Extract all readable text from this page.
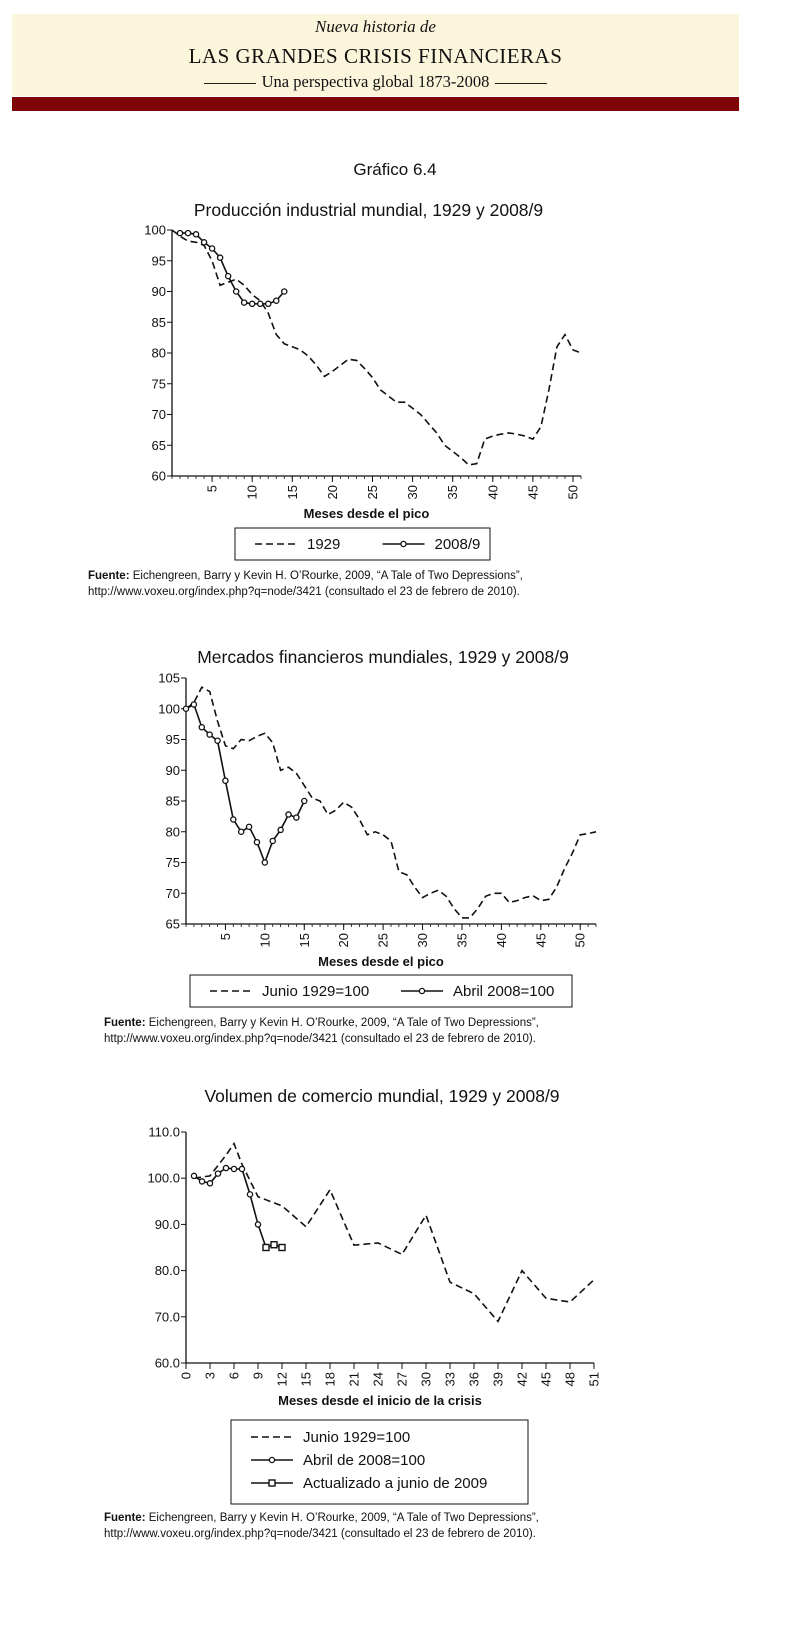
Nueva historia de
LAS GRANDES CRISIS FINANCIERAS
Una perspectiva global 1873-2008
Gráfico 6.4
Producción industrial mundial, 1929 y 2008/9
60
65
70
75
80
85
90
95
100
5 10 15 20 25 30 35 40 45 50
Meses desde el pico
1929	2008/9
Fuente: Eichengreen, Barry y Kevin H. O’Rourke, 2009, “A Tale of Two Depressions”,
http://www.voxeu.org/index.php?q=node/3421 (consultado el 23 de febrero de 2010).
Mercados financieros mundiales, 1929 y 2008/9
65
70
75
80
85
90
95
100
105
5 10 15 20 25 30 35 40 45 50
Meses desde el pico
Junio 1929=100	Abril 2008=100
Fuente: Eichengreen, Barry y Kevin H. O’Rourke, 2009, “A Tale of Two Depressions”,
http://www.voxeu.org/index.php?q=node/3421 (consultado el 23 de febrero de 2010).
Volumen de comercio mundial, 1929 y 2008/9
60.0
70.0
80.0
90.0
100.0
110.0
0 3 6 9 12 15 18 21 24 27 30 33 36 39 42 45 48 51
Meses desde el inicio de la crisis
Junio 1929=100
Abril de 2008=100
Actualizado a junio de 2009
Fuente: Eichengreen, Barry y Kevin H. O’Rourke, 2009, “A Tale of Two Depressions”,
http://www.voxeu.org/index.php?q=node/3421 (consultado el 23 de febrero de 2010).
